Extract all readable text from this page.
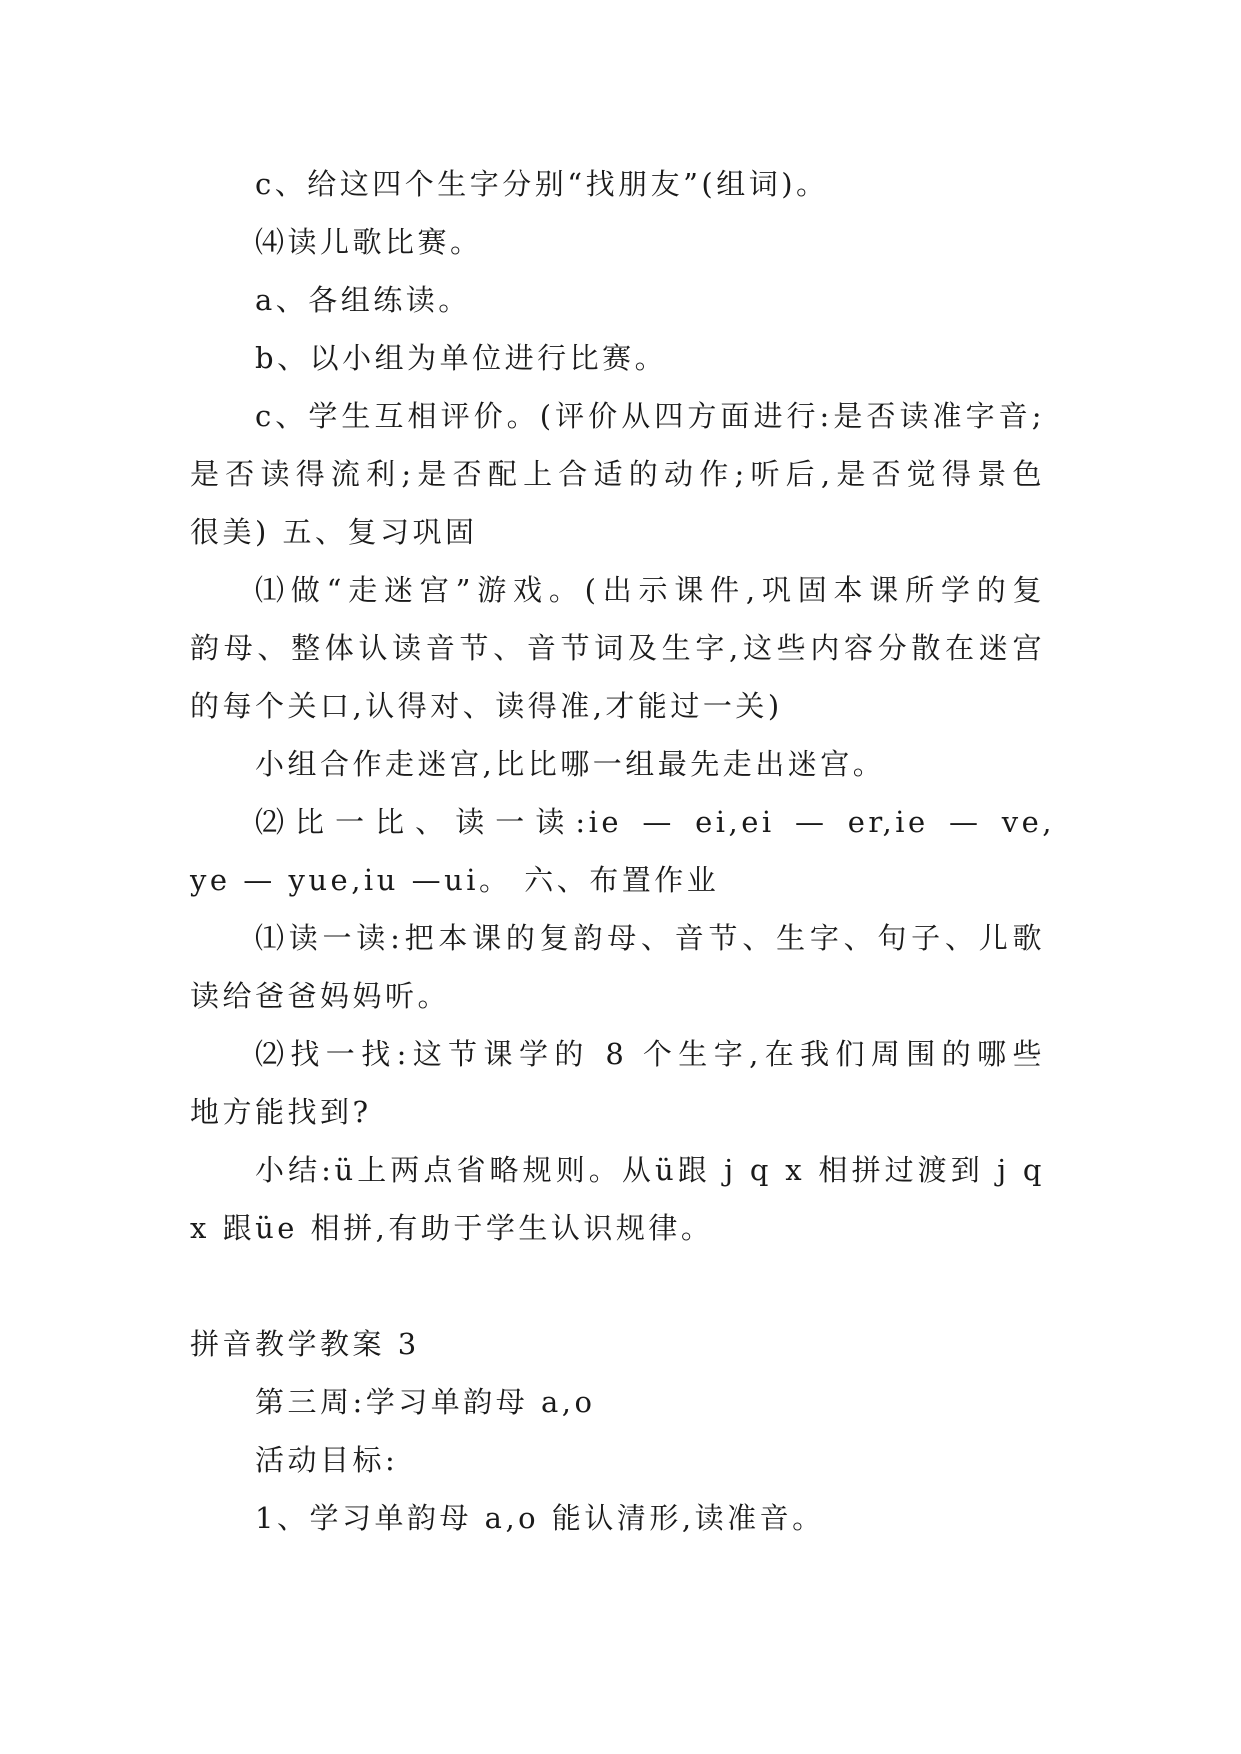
c、给这四个生字分别“找朋友”(组词)。
⑷读儿歌比赛。
a、各组练读。
b、以小组为单位进行比赛。
c、学生互相评价。(评价从四方面进行:是否读准字音;
是否读得流利;是否配上合适的动作;听后,是否觉得景色
很美) 五、复习巩固
⑴做“走迷宫”游戏。(出示课件,巩固本课所学的复
韵母、整体认读音节、音节词及生字,这些内容分散在迷宫
的每个关口,认得对、读得准,才能过一关)
小组合作走迷宫,比比哪一组最先走出迷宫。
⑵比一比、读一读:ie — ei,ei — er,ie — ve,
ye — yue,iu —ui。 六、布置作业
⑴读一读:把本课的复韵母、音节、生字、句子、儿歌
读给爸爸妈妈听。
⑵找一找:这节课学的 8 个生字,在我们周围的哪些
地方能找到?
小结:ü上两点省略规则。从ü跟 j q x 相拼过渡到 j q
x 跟üe 相拼,有助于学生认识规律。
拼音教学教案 3
第三周:学习单韵母 a,o
活动目标:
1、学习单韵母 a,o 能认清形,读准音。
